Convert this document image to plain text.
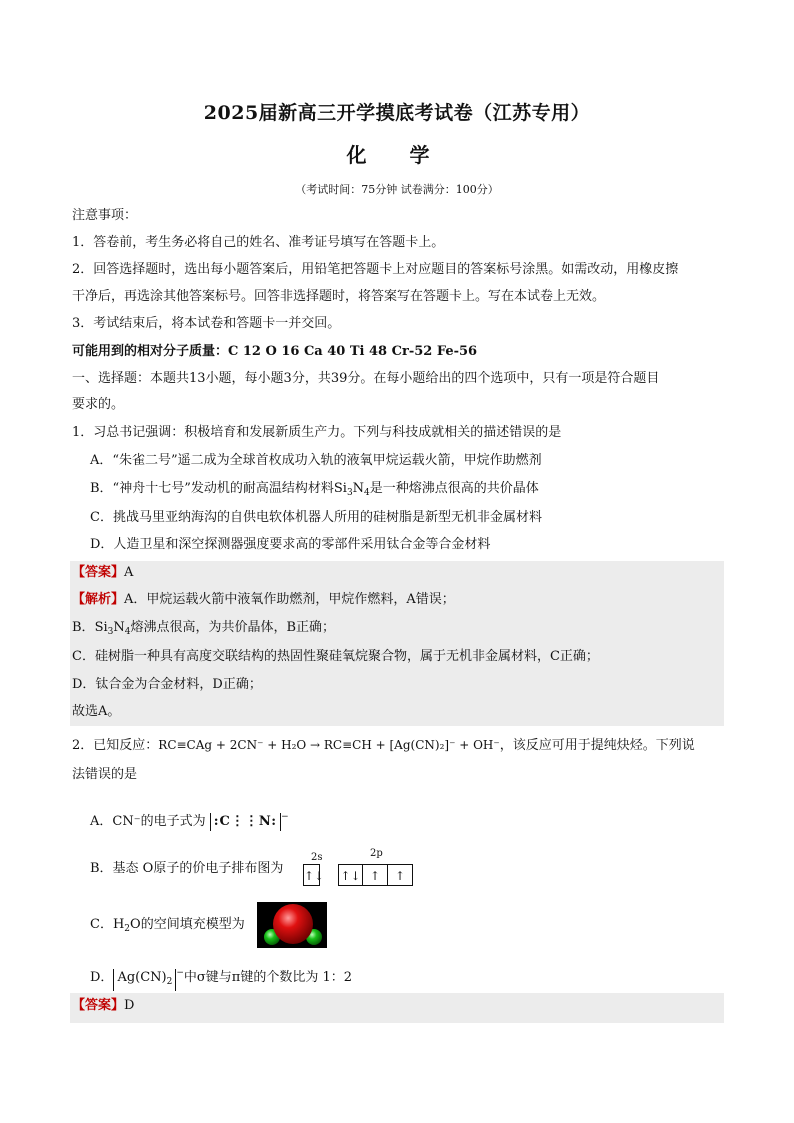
2025届新高三开学摸底考试卷（江苏专用）
化 学
（考试时间：75分钟 试卷满分：100分）
注意事项：
1．答卷前，考生务必将自己的姓名、准考证号填写在答题卡上。
2．回答选择题时，选出每小题答案后，用铅笔把答题卡上对应题目的答案标号涂黑。如需改动，用橡皮擦
干净后，再选涂其他答案标号。回答非选择题时，将答案写在答题卡上。写在本试卷上无效。
3．考试结束后，将本试卷和答题卡一并交回。
可能用到的相对分子质量：C 12 O 16 Ca 40 Ti 48 Cr-52 Fe-56
一、选择题：本题共13小题，每小题3分，共39分。在每小题给出的四个选项中，只有一项是符合题目
要求的。
1．习总书记强调：积极培育和发展新质生产力。下列与科技成就相关的描述错误的是
A．“朱雀二号”遥二成为全球首枚成功入轨的液氧甲烷运载火箭，甲烷作助燃剂
B．“神舟十七号”发动机的耐高温结构材料$Si_3N_4$是一种熔沸点很高的共价晶体
C．挑战马里亚纳海沟的自供电软体机器人所用的硅树脂是新型无机非金属材料
D．人造卫星和深空探测器强度要求高的零部件采用钛合金等合金材料
【答案】A
【解析】A．甲烷运载火箭中液氧作助燃剂，甲烷作燃料，A错误；
B．$Si_3N_4$熔沸点很高，为共价晶体，B正确；
C．硅树脂一种具有高度交联结构的热固性聚硅氧烷聚合物，属于无机非金属材料，C正确；
D．钛合金为合金材料，D正确；
故选A。
2．已知反应：RC≡CAg + 2CN⁻ + H₂O → RC≡CH + [Ag(CN)₂]⁻ + OH⁻，该反应可用于提纯炔烃。下列说
法错误的是
A．CN⁻的电子式为 :C⋮⋮N: −
B．基态 O原子的价电子排布图为
2s	2p
↑↓ ↑↓ ↑ ↑
C．$H_2O$的空间填充模型为
D． $Ag(CN)_2^-$中σ键与π键的个数比为 1：2
【答案】D
